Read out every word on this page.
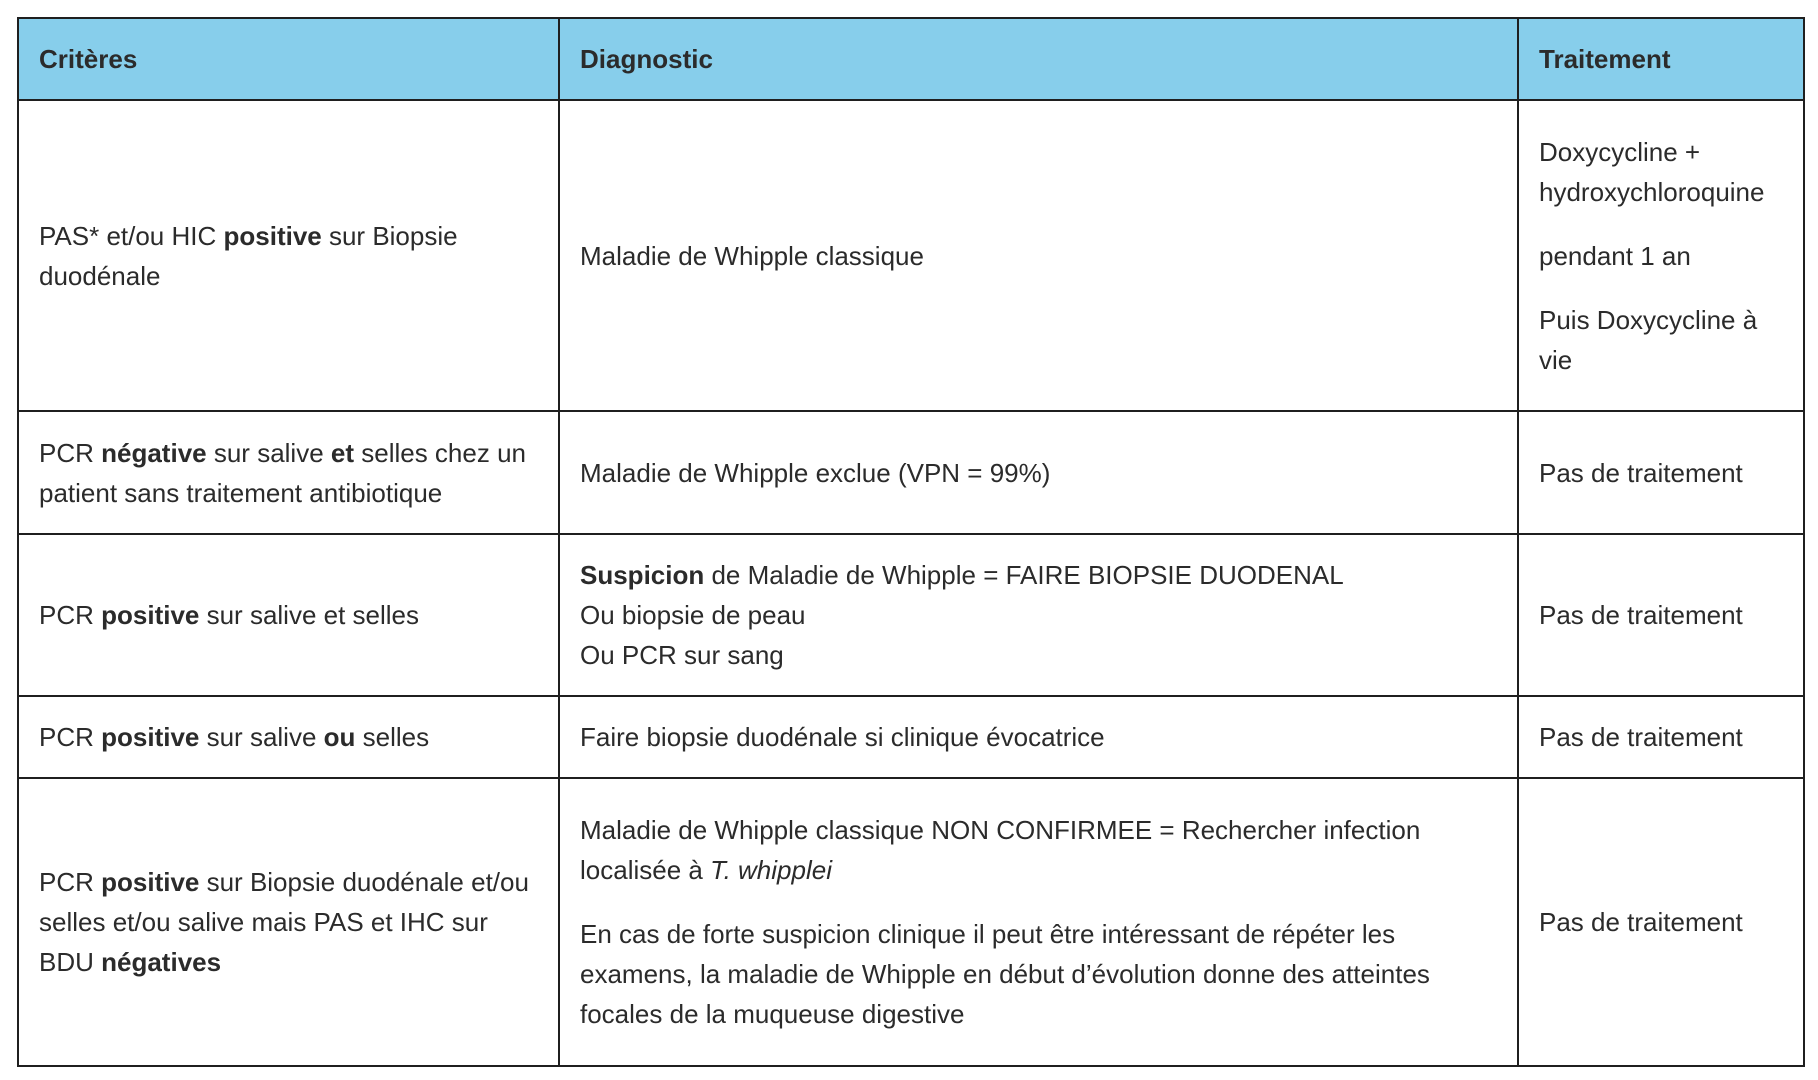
Critères	Diagnostic	Traitement
PAS* et/ou HIC positive sur Biopsie duodénale	Maladie de Whipple classique	Doxycycline + hydroxychloroquine

pendant 1 an

Puis Doxycycline à vie

PCR négative sur salive et selles chez un patient sans traitement antibiotique	Maladie de Whipple exclue (VPN = 99%)	Pas de traitement
PCR positive sur salive et selles	Suspicion de Maladie de Whipple = FAIRE BIOPSIE DUODENAL
Ou biopsie de peau
Ou PCR sur sang	Pas de traitement
PCR positive sur salive ou selles	Faire biopsie duodénale si clinique évocatrice	Pas de traitement
PCR positive sur Biopsie duodénale et/ou selles et/ou salive mais PAS et IHC sur BDU négatives	Maladie de Whipple classique NON CONFIRMEE = Rechercher infection localisée à T. whipplei

En cas de forte suspicion clinique il peut être intéressant de répéter les examens, la maladie de Whipple en début d’évolution donne des atteintes focales de la muqueuse digestive	Pas de traitement
